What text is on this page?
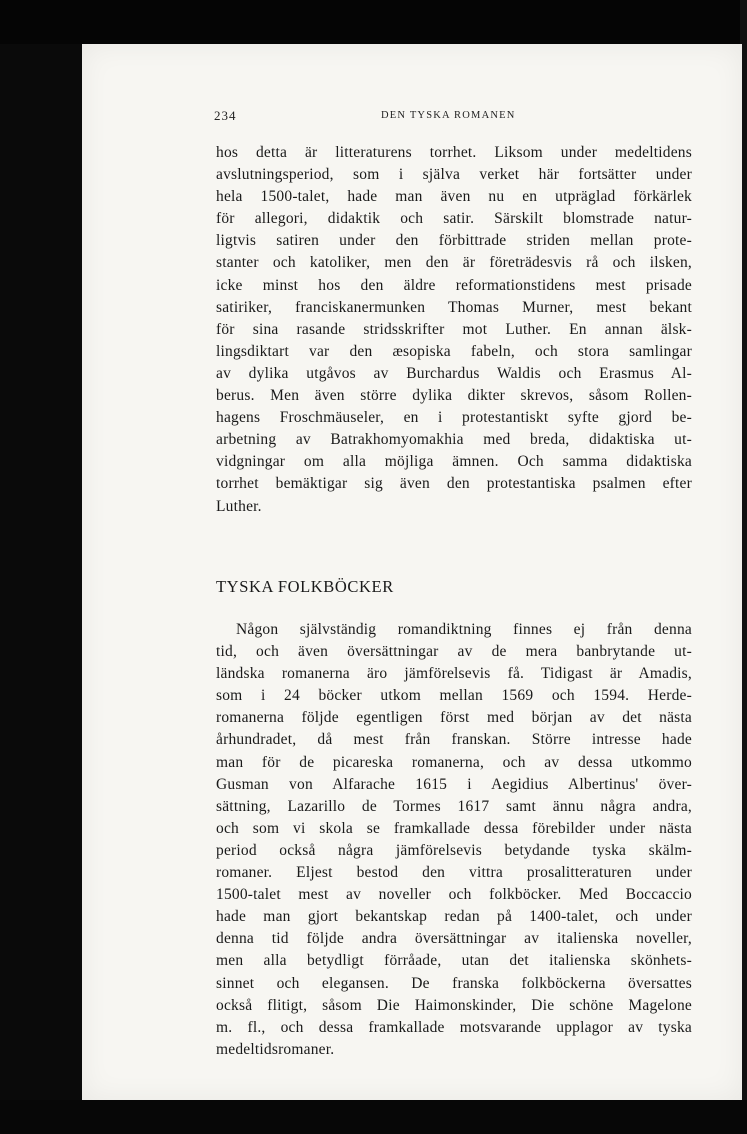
234	DEN TYSKA ROMANEN
hos detta är litteraturens torrhet. Liksom under medeltidens
avslutningsperiod, som i själva verket här fortsätter under
hela 1500-talet, hade man även nu en utpräglad förkärlek
för allegori, didaktik och satir. Särskilt blomstrade natur-
ligtvis satiren under den förbittrade striden mellan prote-
stanter och katoliker, men den är företrädesvis rå och ilsken,
icke minst hos den äldre reformationstidens mest prisade
satiriker, franciskanermunken Thomas Murner, mest bekant
för sina rasande stridsskrifter mot Luther. En annan älsk-
lingsdiktart var den æsopiska fabeln, och stora samlingar
av dylika utgåvos av Burchardus Waldis och Erasmus Al-
berus. Men även större dylika dikter skrevos, såsom Rollen-
hagens Froschmäuseler, en i protestantiskt syfte gjord be-
arbetning av Batrakhomyomakhia med breda, didaktiska ut-
vidgningar om alla möjliga ämnen. Och samma didaktiska
torrhet bemäktigar sig även den protestantiska psalmen efter
Luther.
TYSKA FOLKBÖCKER
Någon självständig romandiktning finnes ej från denna
tid, och även översättningar av de mera banbrytande ut-
ländska romanerna äro jämförelsevis få. Tidigast är Amadis,
som i 24 böcker utkom mellan 1569 och 1594. Herde-
romanerna följde egentligen först med början av det nästa
århundradet, då mest från franskan. Större intresse hade
man för de picareska romanerna, och av dessa utkommo
Gusman von Alfarache 1615 i Aegidius Albertinus' över-
sättning, Lazarillo de Tormes 1617 samt ännu några andra,
och som vi skola se framkallade dessa förebilder under nästa
period också några jämförelsevis betydande tyska skälm-
romaner. Eljest bestod den vittra prosalitteraturen under
1500-talet mest av noveller och folkböcker. Med Boccaccio
hade man gjort bekantskap redan på 1400-talet, och under
denna tid följde andra översättningar av italienska noveller,
men alla betydligt förråade, utan det italienska skönhets-
sinnet och elegansen. De franska folkböckerna översattes
också flitigt, såsom Die Haimonskinder, Die schöne Magelone
m. fl., och dessa framkallade motsvarande upplagor av tyska
medeltidsromaner.
